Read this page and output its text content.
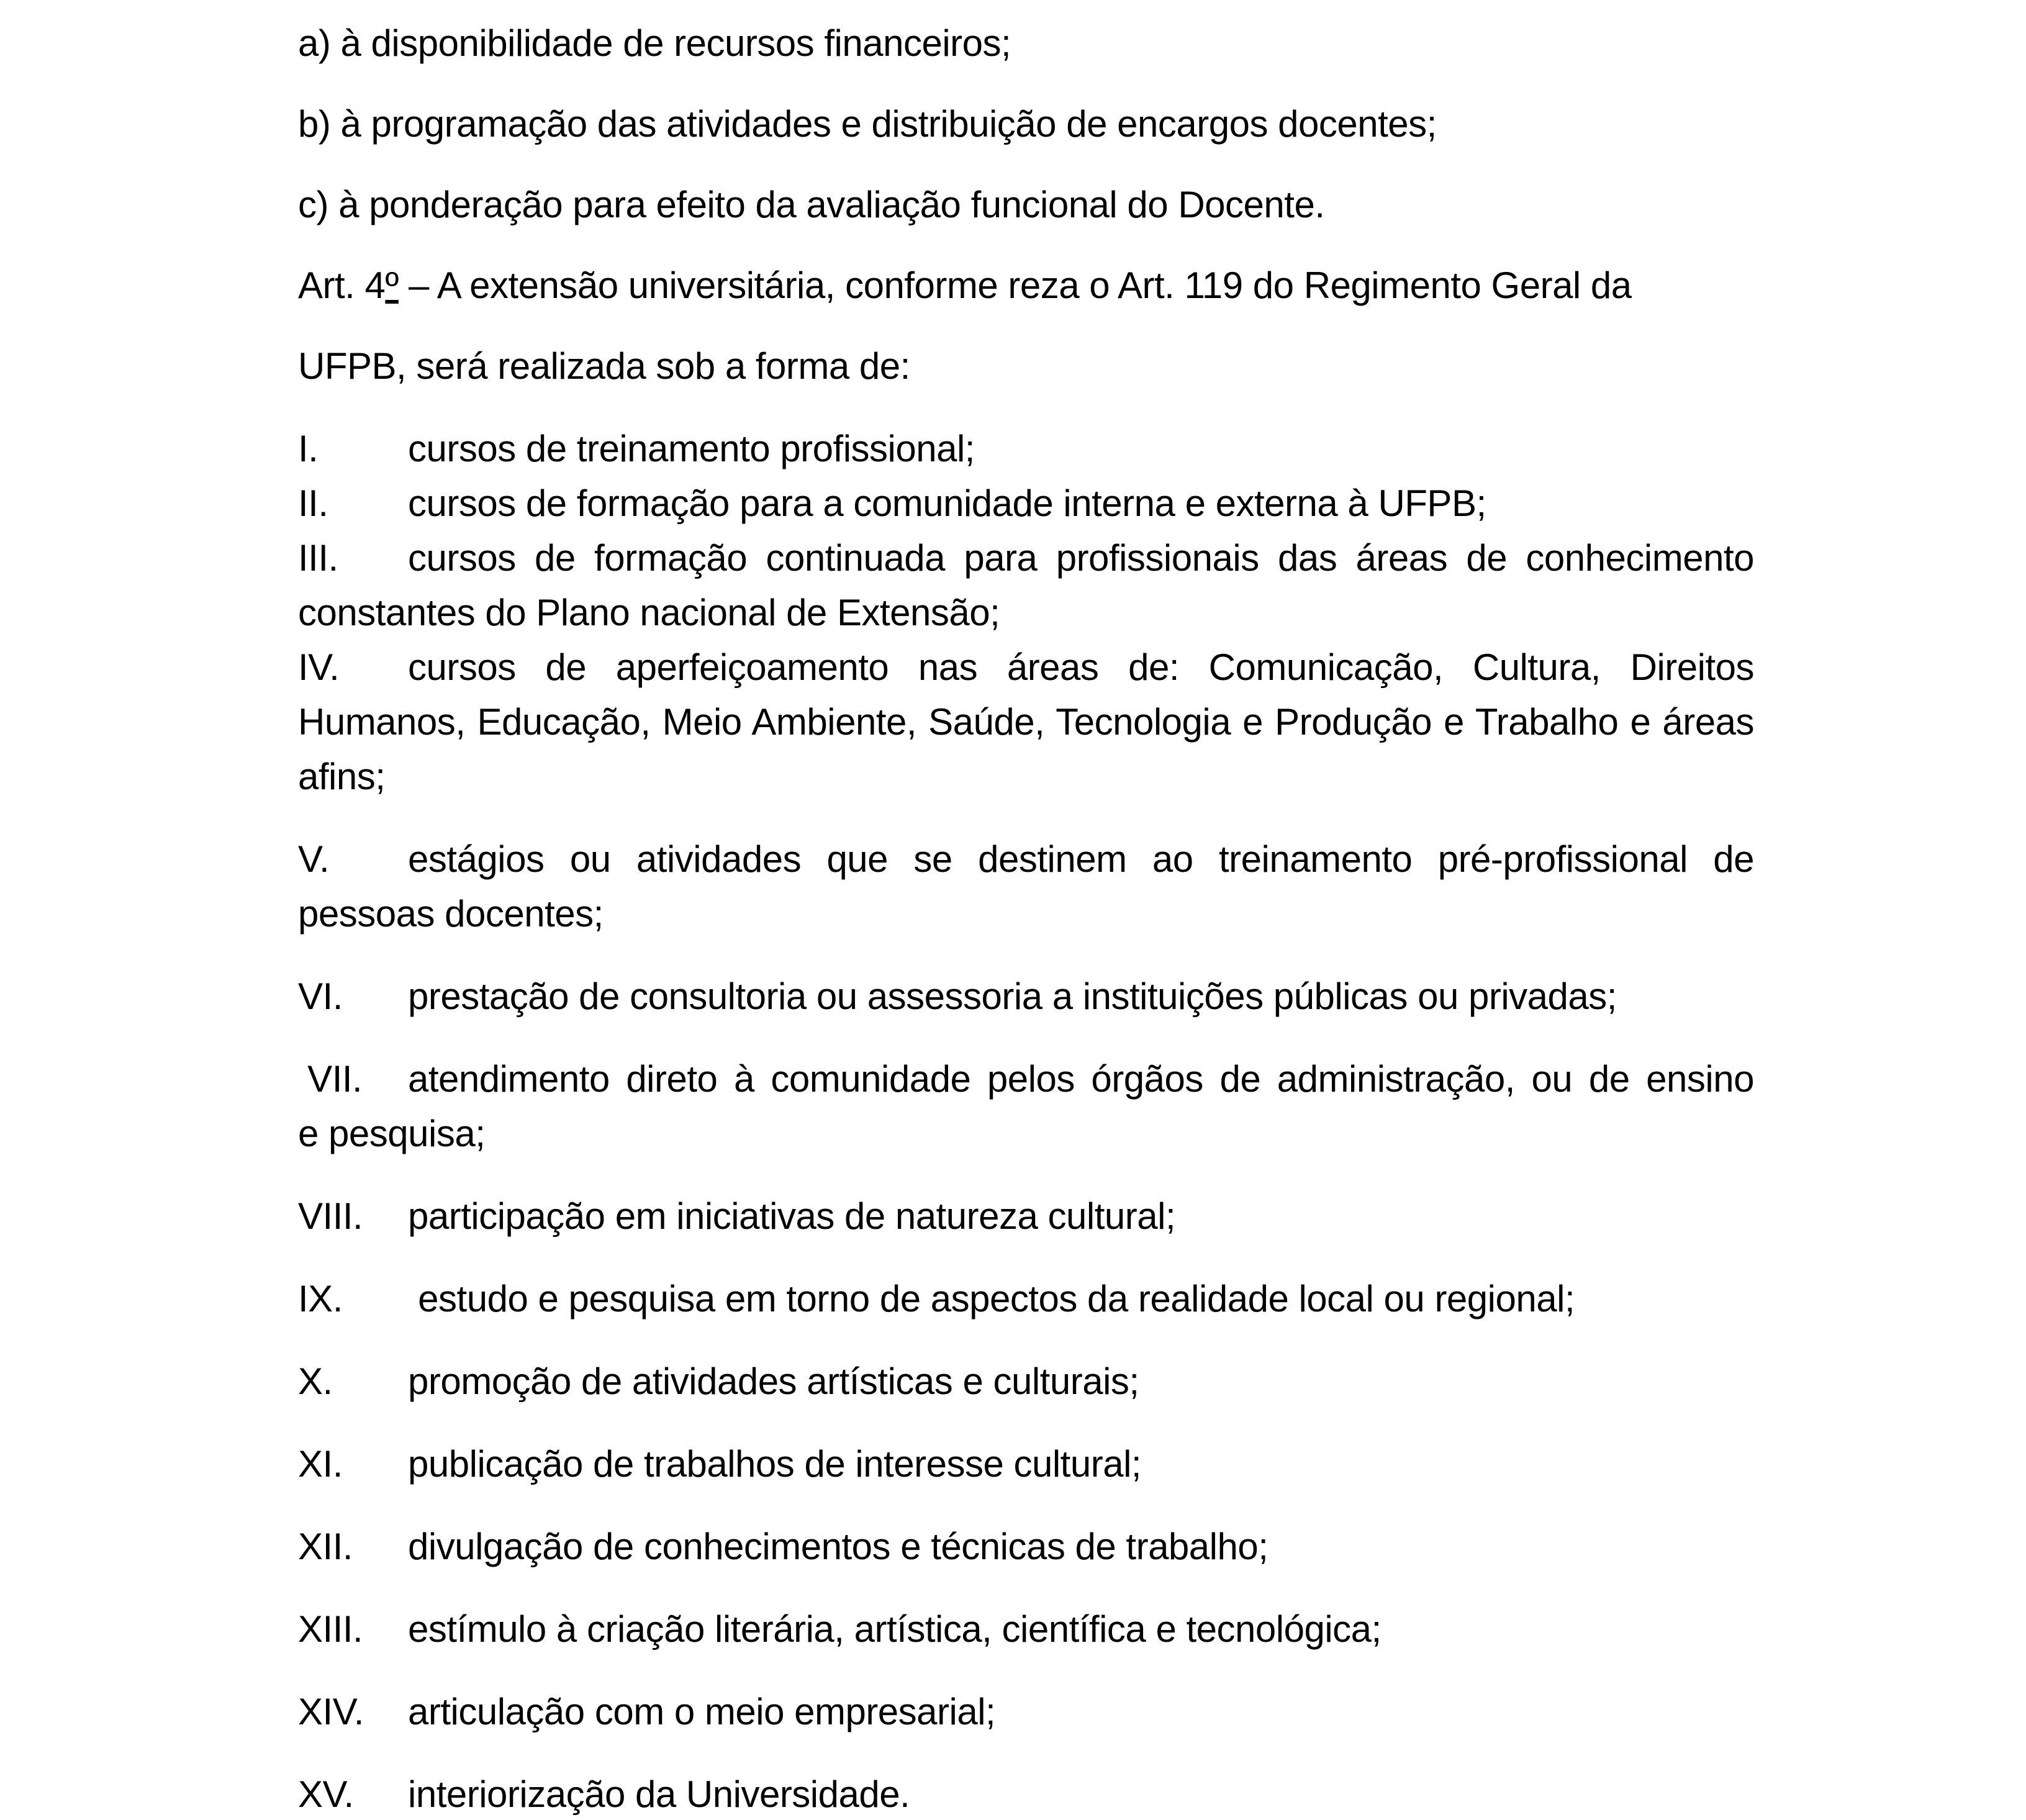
a) à disponibilidade de recursos financeiros;
b) à programação das atividades e distribuição de encargos docentes;
c) à ponderação para efeito da avaliação funcional do Docente.
Art. 4º – A extensão universitária, conforme reza o Art. 119 do Regimento Geral da
UFPB, será realizada sob a forma de:
I. cursos de treinamento profissional;
II. cursos de formação para a comunidade interna e externa à UFPB;
III. cursos de formação continuada para profissionais das áreas de conhecimento
constantes do Plano nacional de Extensão;
IV. cursos de aperfeiçoamento nas áreas de: Comunicação, Cultura, Direitos
Humanos, Educação, Meio Ambiente, Saúde, Tecnologia e Produção e Trabalho e áreas
afins;
V. estágios ou atividades que se destinem ao treinamento pré-profissional de
pessoas docentes;
VI. prestação de consultoria ou assessoria a instituições públicas ou privadas;
VII. atendimento direto à comunidade pelos órgãos de administração, ou de ensino
e pesquisa;
VIII. participação em iniciativas de natureza cultural;
IX. estudo e pesquisa em torno de aspectos da realidade local ou regional;
X. promoção de atividades artísticas e culturais;
XI. publicação de trabalhos de interesse cultural;
XII. divulgação de conhecimentos e técnicas de trabalho;
XIII. estímulo à criação literária, artística, científica e tecnológica;
XIV. articulação com o meio empresarial;
XV. interiorização da Universidade.
